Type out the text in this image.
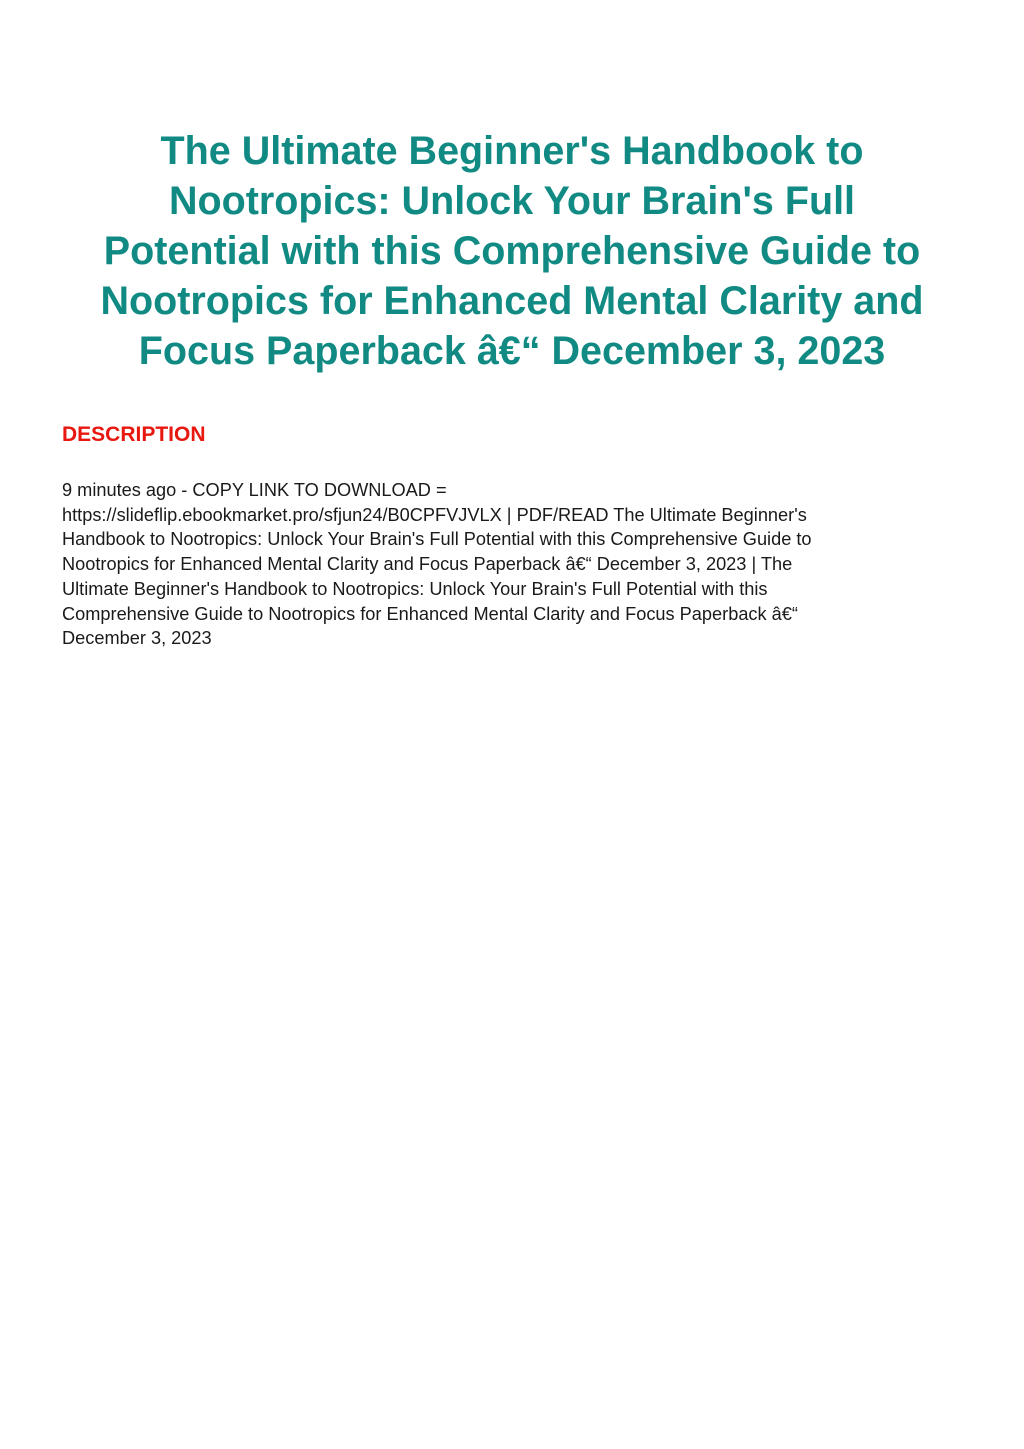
The Ultimate Beginner's Handbook to
Nootropics: Unlock Your Brain's Full
Potential with this Comprehensive Guide to
Nootropics for Enhanced Mental Clarity and
Focus Paperback â€“ December 3, 2023
DESCRIPTION

9 minutes ago - COPY LINK TO DOWNLOAD =
https://slideflip.ebookmarket.pro/sfjun24/B0CPFVJVLX | PDF/READ The Ultimate Beginner's
Handbook to Nootropics: Unlock Your Brain's Full Potential with this Comprehensive Guide to
Nootropics for Enhanced Mental Clarity and Focus Paperback â€“ December 3, 2023 | The
Ultimate Beginner's Handbook to Nootropics: Unlock Your Brain's Full Potential with this
Comprehensive Guide to Nootropics for Enhanced Mental Clarity and Focus Paperback â€“
December 3, 2023
